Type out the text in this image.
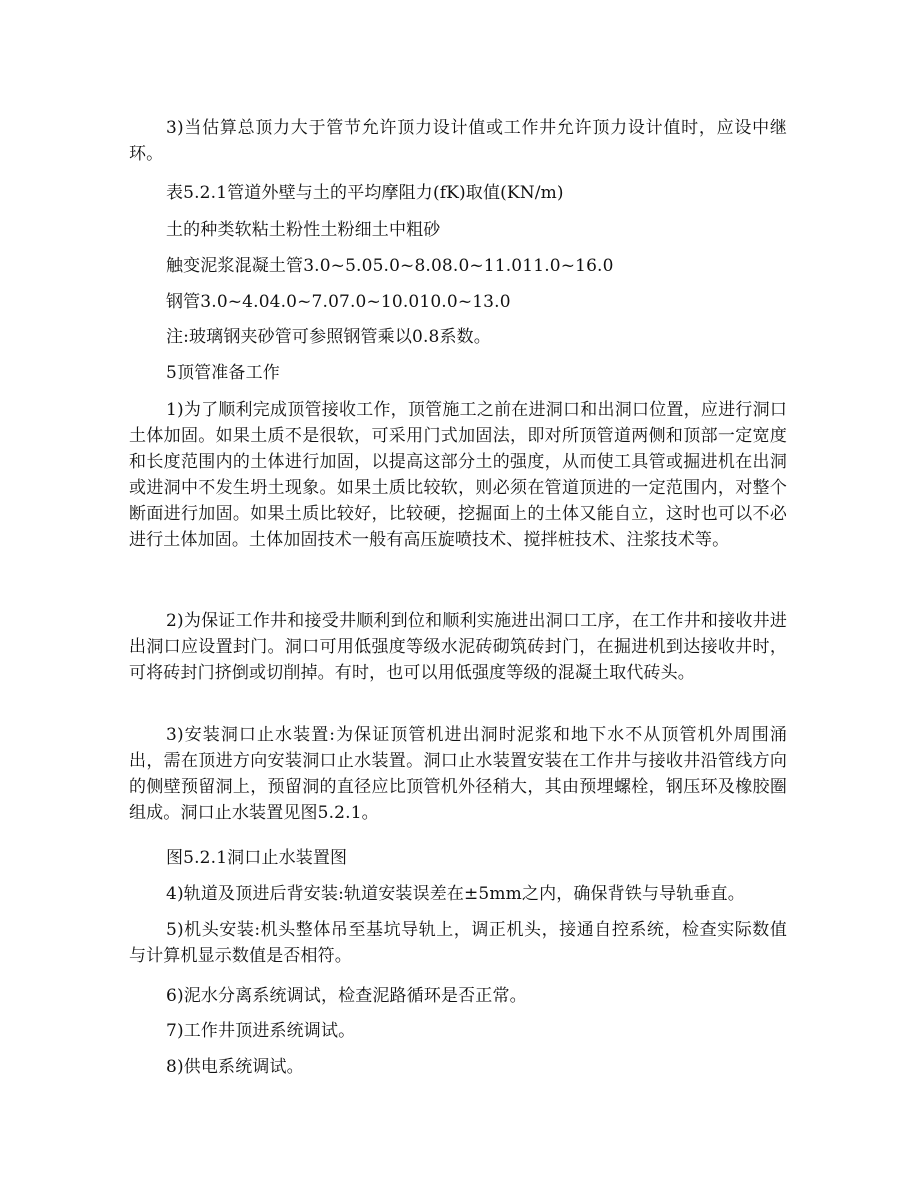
3)当估算总顶力大于管节允许顶力设计值或工作井允许顶力设计值时，应设中继环。

表5.2.1管道外壁与土的平均摩阻力(fK)取值(KN/m)

土的种类软粘土粉性土粉细土中粗砂

触变泥浆混凝土管3.0~5.05.0~8.08.0~11.011.0~16.0

钢管3.0~4.04.0~7.07.0~10.010.0~13.0

注:玻璃钢夹砂管可参照钢管乘以0.8系数。

5顶管准备工作

1)为了顺利完成顶管接收工作，顶管施工之前在进洞口和出洞口位置，应进行洞口土体加固。如果土质不是很软，可采用门式加固法，即对所顶管道两侧和顶部一定宽度和长度范围内的土体进行加固，以提高这部分土的强度，从而使工具管或掘进机在出洞或进洞中不发生坍土现象。如果土质比较软，则必须在管道顶进的一定范围内，对整个断面进行加固。如果土质比较好，比较硬，挖掘面上的土体又能自立，这时也可以不必进行土体加固。土体加固技术一般有高压旋喷技术、搅拌桩技术、注浆技术等。

2)为保证工作井和接受井顺利到位和顺利实施进出洞口工序，在工作井和接收井进出洞口应设置封门。洞口可用低强度等级水泥砖砌筑砖封门，在掘进机到达接收井时，可将砖封门挤倒或切削掉。有时，也可以用低强度等级的混凝土取代砖头。

3)安装洞口止水装置:为保证顶管机进出洞时泥浆和地下水不从顶管机外周围涌出，需在顶进方向安装洞口止水装置。洞口止水装置安装在工作井与接收井沿管线方向的侧壁预留洞上，预留洞的直径应比顶管机外径稍大，其由预埋螺栓，钢压环及橡胶圈组成。洞口止水装置见图5.2.1。

图5.2.1洞口止水装置图

4)轨道及顶进后背安装:轨道安装误差在±5mm之内，确保背铁与导轨垂直。

5)机头安装:机头整体吊至基坑导轨上，调正机头，接通自控系统，检查实际数值与计算机显示数值是否相符。

6)泥水分离系统调试，检查泥路循环是否正常。

7)工作井顶进系统调试。

8)供电系统调试。
